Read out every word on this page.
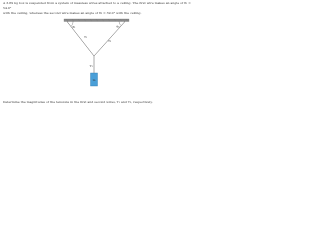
A 3.89 kg box is suspended from a system of massless wires attached to a ceiling. The first wire makes an angle of θ₁ = 54.0°
with the ceiling, whereas the second wire makes an angle of θ₂ = 39.0° with the ceiling.

θ₁	θ₂
T₁
T₂
T₃
m

Determine the magnitudes of the tensions in the first and second wires, T₁ and T₂, respectively.
